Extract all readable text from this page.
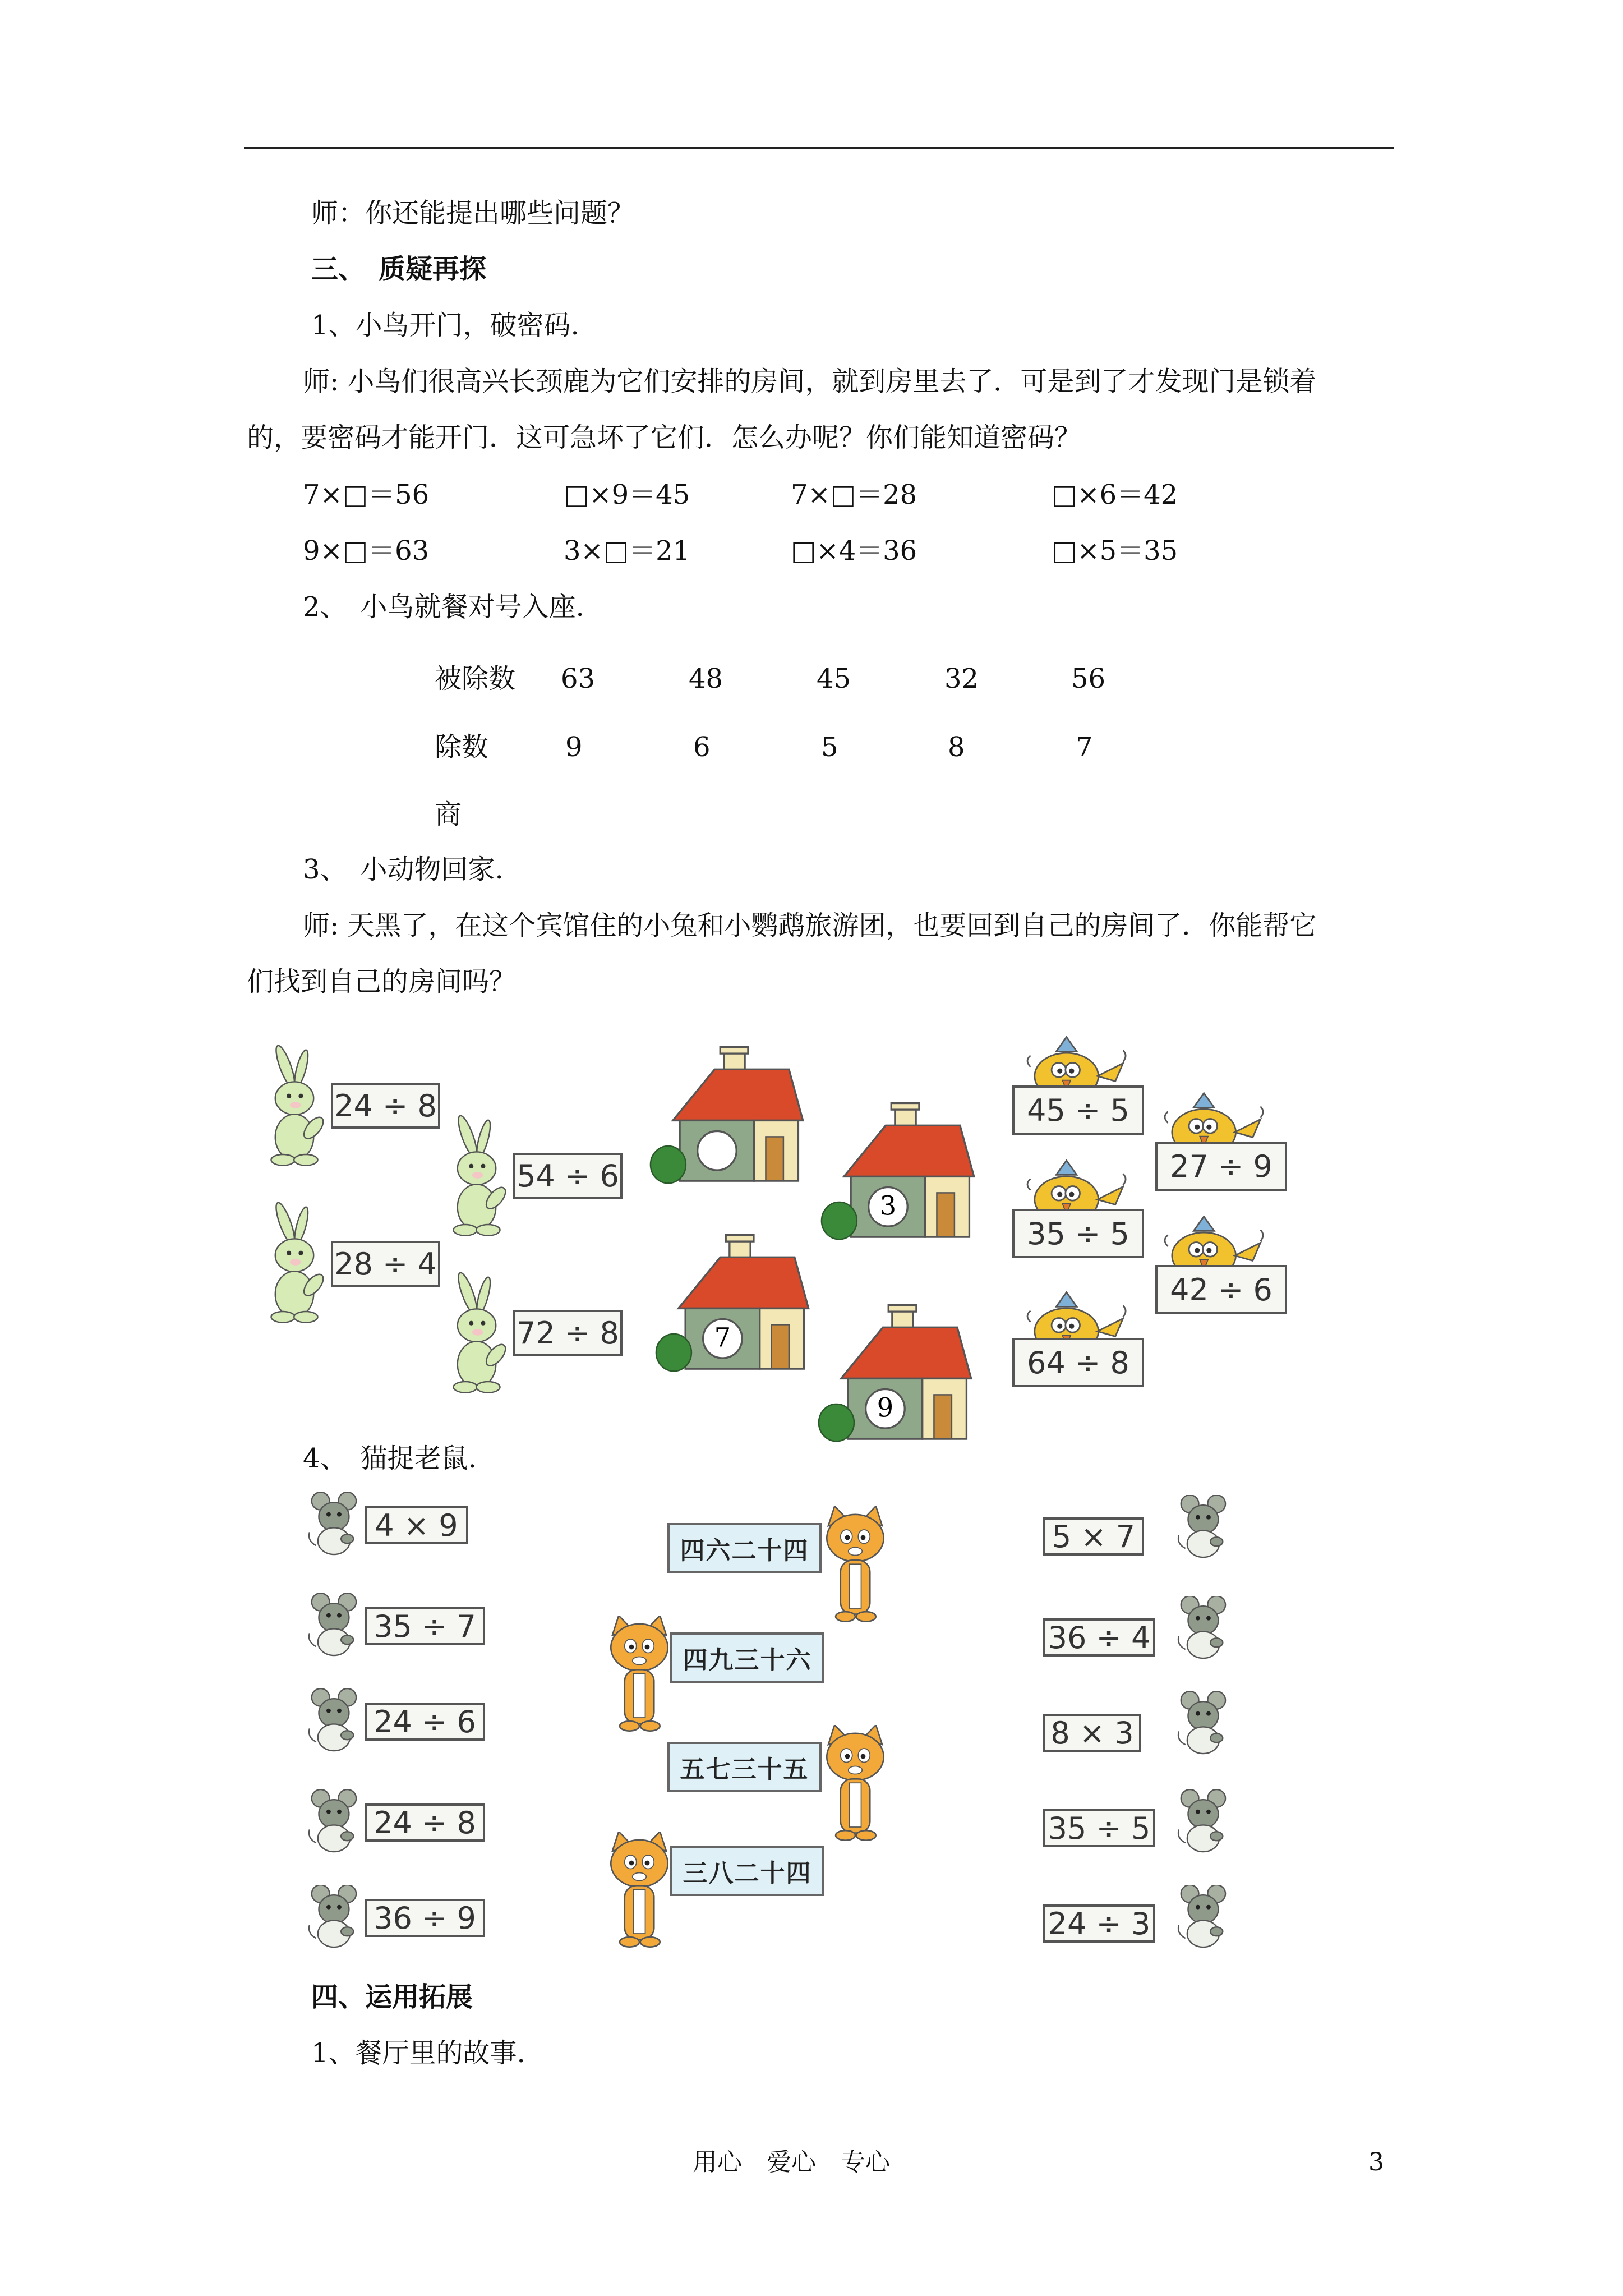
师：你还能提出哪些问题？
三、　质疑再探
1、小鸟开门，破密码.
师: 小鸟们很高兴长颈鹿为它们安排的房间，就到房里去了．可是到了才发现门是锁着
的，要密码才能开门．这可急坏了它们．怎么办呢？你们能知道密码？
7×□＝56	□×9＝45	7×□＝28	□×6＝42
9×□＝63	3×□＝21	□×4＝36	□×5＝35
2、　小鸟就餐对号入座.
被除数 63	48	45	32	56
除数	9	6	5	8	7
商
3、　小动物回家.
师: 天黑了，在这个宾馆住的小兔和小鹦鹉旅游团，也要回到自己的房间了．你能帮它
们找到自己的房间吗？
24 ÷ 8
54 ÷ 6
28 ÷ 4
72 ÷ 8
3
7
9
45 ÷ 5
27 ÷ 9
35 ÷ 5
42 ÷ 6
64 ÷ 8
4、　猫捉老鼠.
4 × 9
35 ÷ 7
24 ÷ 6
24 ÷ 8
36 ÷ 9
四六二十四
四九三十六
五七三十五
三八二十四
5 × 7
36 ÷ 4
8 × 3
35 ÷ 5
24 ÷ 3
四、运用拓展
1、餐厅里的故事.
用心　爱心　专心	3
